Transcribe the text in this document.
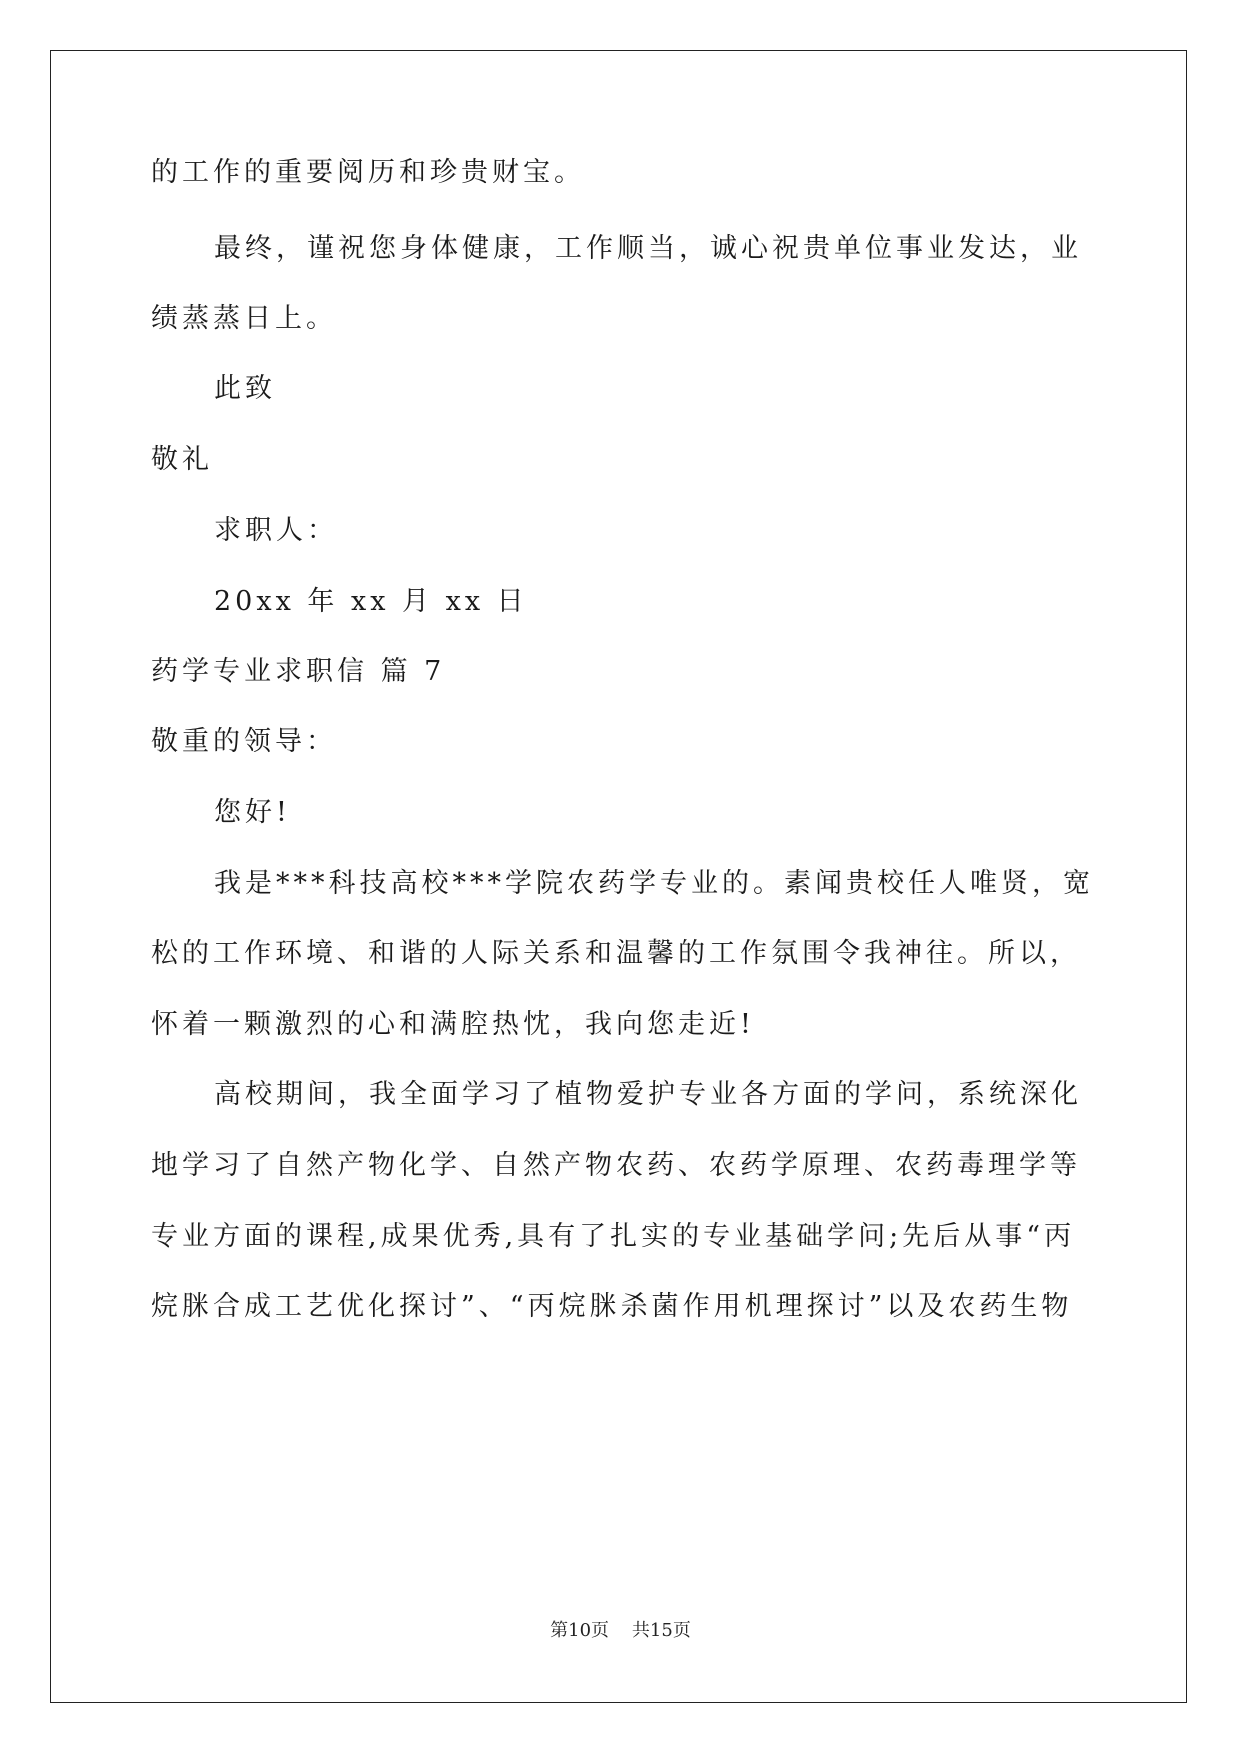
的工作的重要阅历和珍贵财宝。
最终，谨祝您身体健康，工作顺当，诚心祝贵单位事业发达，业
绩蒸蒸日上。
此致
敬礼
求职人：
20xx 年 xx 月 xx 日
药学专业求职信 篇 7
敬重的领导：
您好!
我是***科技高校***学院农药学专业的。素闻贵校任人唯贤，宽
松的工作环境、和谐的人际关系和温馨的工作氛围令我神往。所以，
怀着一颗激烈的心和满腔热忱，我向您走近!
高校期间，我全面学习了植物爱护专业各方面的学问，系统深化
地学习了自然产物化学、自然产物农药、农药学原理、农药毒理学等
专业方面的课程,成果优秀,具有了扎实的专业基础学问;先后从事“丙
烷脒合成工艺优化探讨”、“丙烷脒杀菌作用机理探讨”以及农药生物
第10页    共15页
